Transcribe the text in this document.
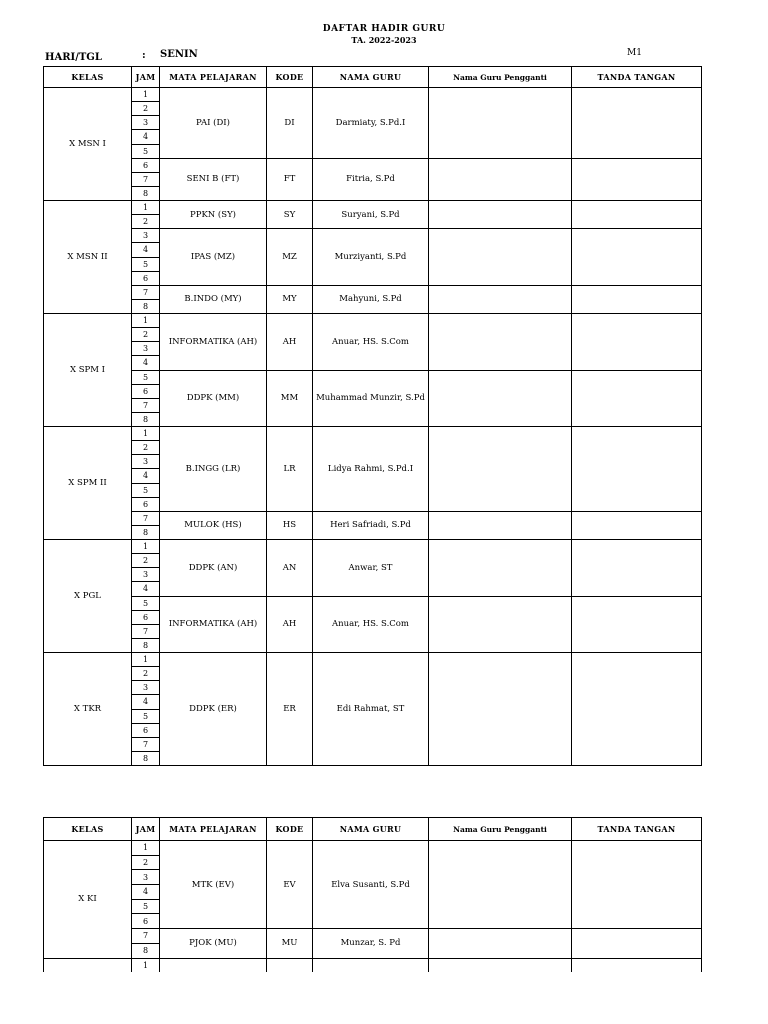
DAFTAR HADIR GURU
TA. 2022-2023
HARI/TGL	: SENIN	M1
KELAS	JAM	MATA PELAJARAN	KODE	NAMA GURU	Nama Guru Pengganti	TANDA TANGAN
X MSN I	1	PAI (DI)	DI	Darmiaty, S.Pd.I		
	2					
	3					
	4					
	5					
	6	SENI B (FT)	FT	Fitria, S.Pd		
	7					
	8					
X MSN II	1	PPKN (SY)	SY	Suryani, S.Pd		
	2					
	3	IPAS (MZ)	MZ	Murziyanti, S.Pd		
	4					
	5					
	6					
	7	B.INDO (MY)	MY	Mahyuni, S.Pd		
	8					
X SPM I	1	INFORMATIKA (AH)	AH	Anuar, HS. S.Com		
	2					
	3					
	4					
	5	DDPK (MM)	MM	Muhammad Munzir, S.Pd		
	6					
	7					
	8					
X SPM II	1	B.INGG (LR)	LR	Lidya Rahmi, S.Pd.I		
	2					
	3					
	4					
	5					
	6					
	7	MULOK (HS)	HS	Heri Safriadi, S.Pd		
	8					
X PGL	1	DDPK (AN)	AN	Anwar, ST		
	2					
	3					
	4					
	5	INFORMATIKA (AH)	AH	Anuar, HS. S.Com		
	6					
	7					
	8					
X TKR	1	DDPK (ER)	ER	Edi Rahmat, ST		
	2					
	3					
	4					
	5					
	6					
	7					
	8					
KELAS	JAM	MATA PELAJARAN	KODE	NAMA GURU	Nama Guru Pengganti	TANDA TANGAN
X KI	1	MTK (EV)	EV	Elva Susanti, S.Pd		
	2					
	3					
	4					
	5					
	6					
	7	PJOK (MU)	MU	Munzar, S. Pd		
	8					
	1					
